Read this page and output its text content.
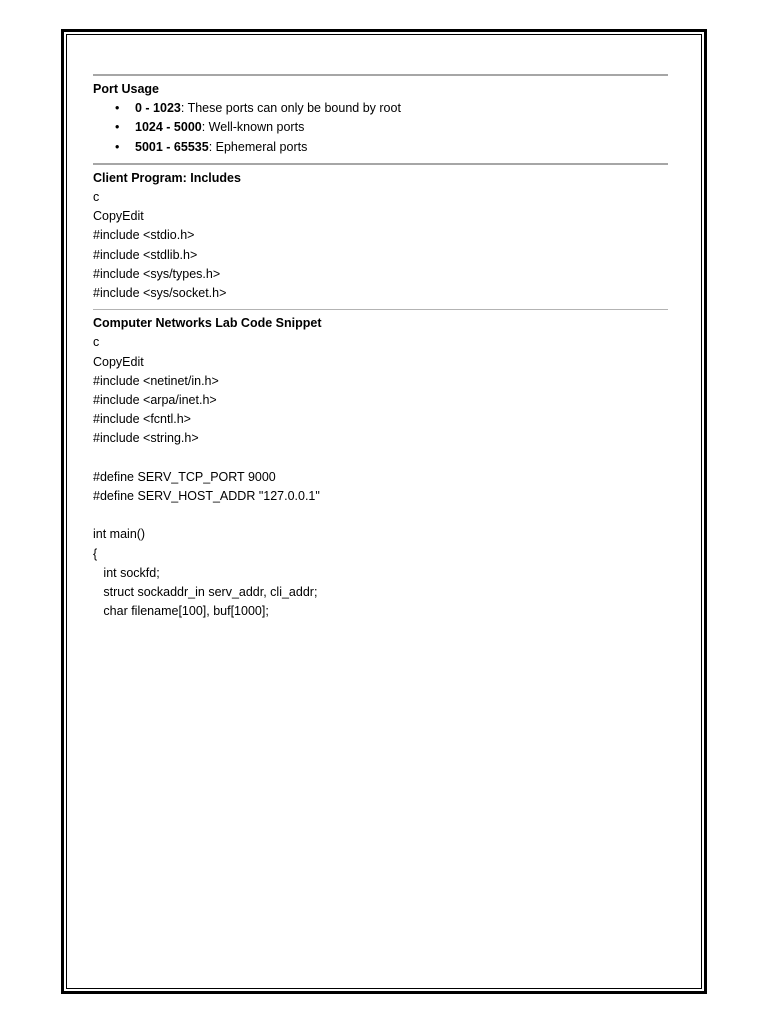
Port Usage
• 0 - 1023: These ports can only be bound by root
• 1024 - 5000: Well-known ports
• 5001 - 65535: Ephemeral ports
Client Program: Includes
c
CopyEdit
#include <stdio.h>
#include <stdlib.h>
#include <sys/types.h>
#include <sys/socket.h>
Computer Networks Lab Code Snippet
c
CopyEdit
#include <netinet/in.h>
#include <arpa/inet.h>
#include <fcntl.h>
#include <string.h>
#define SERV_TCP_PORT 9000
#define SERV_HOST_ADDR "127.0.0.1"
int main()
{
int sockfd;
struct sockaddr_in serv_addr, cli_addr;
char filename[100], buf[1000];
